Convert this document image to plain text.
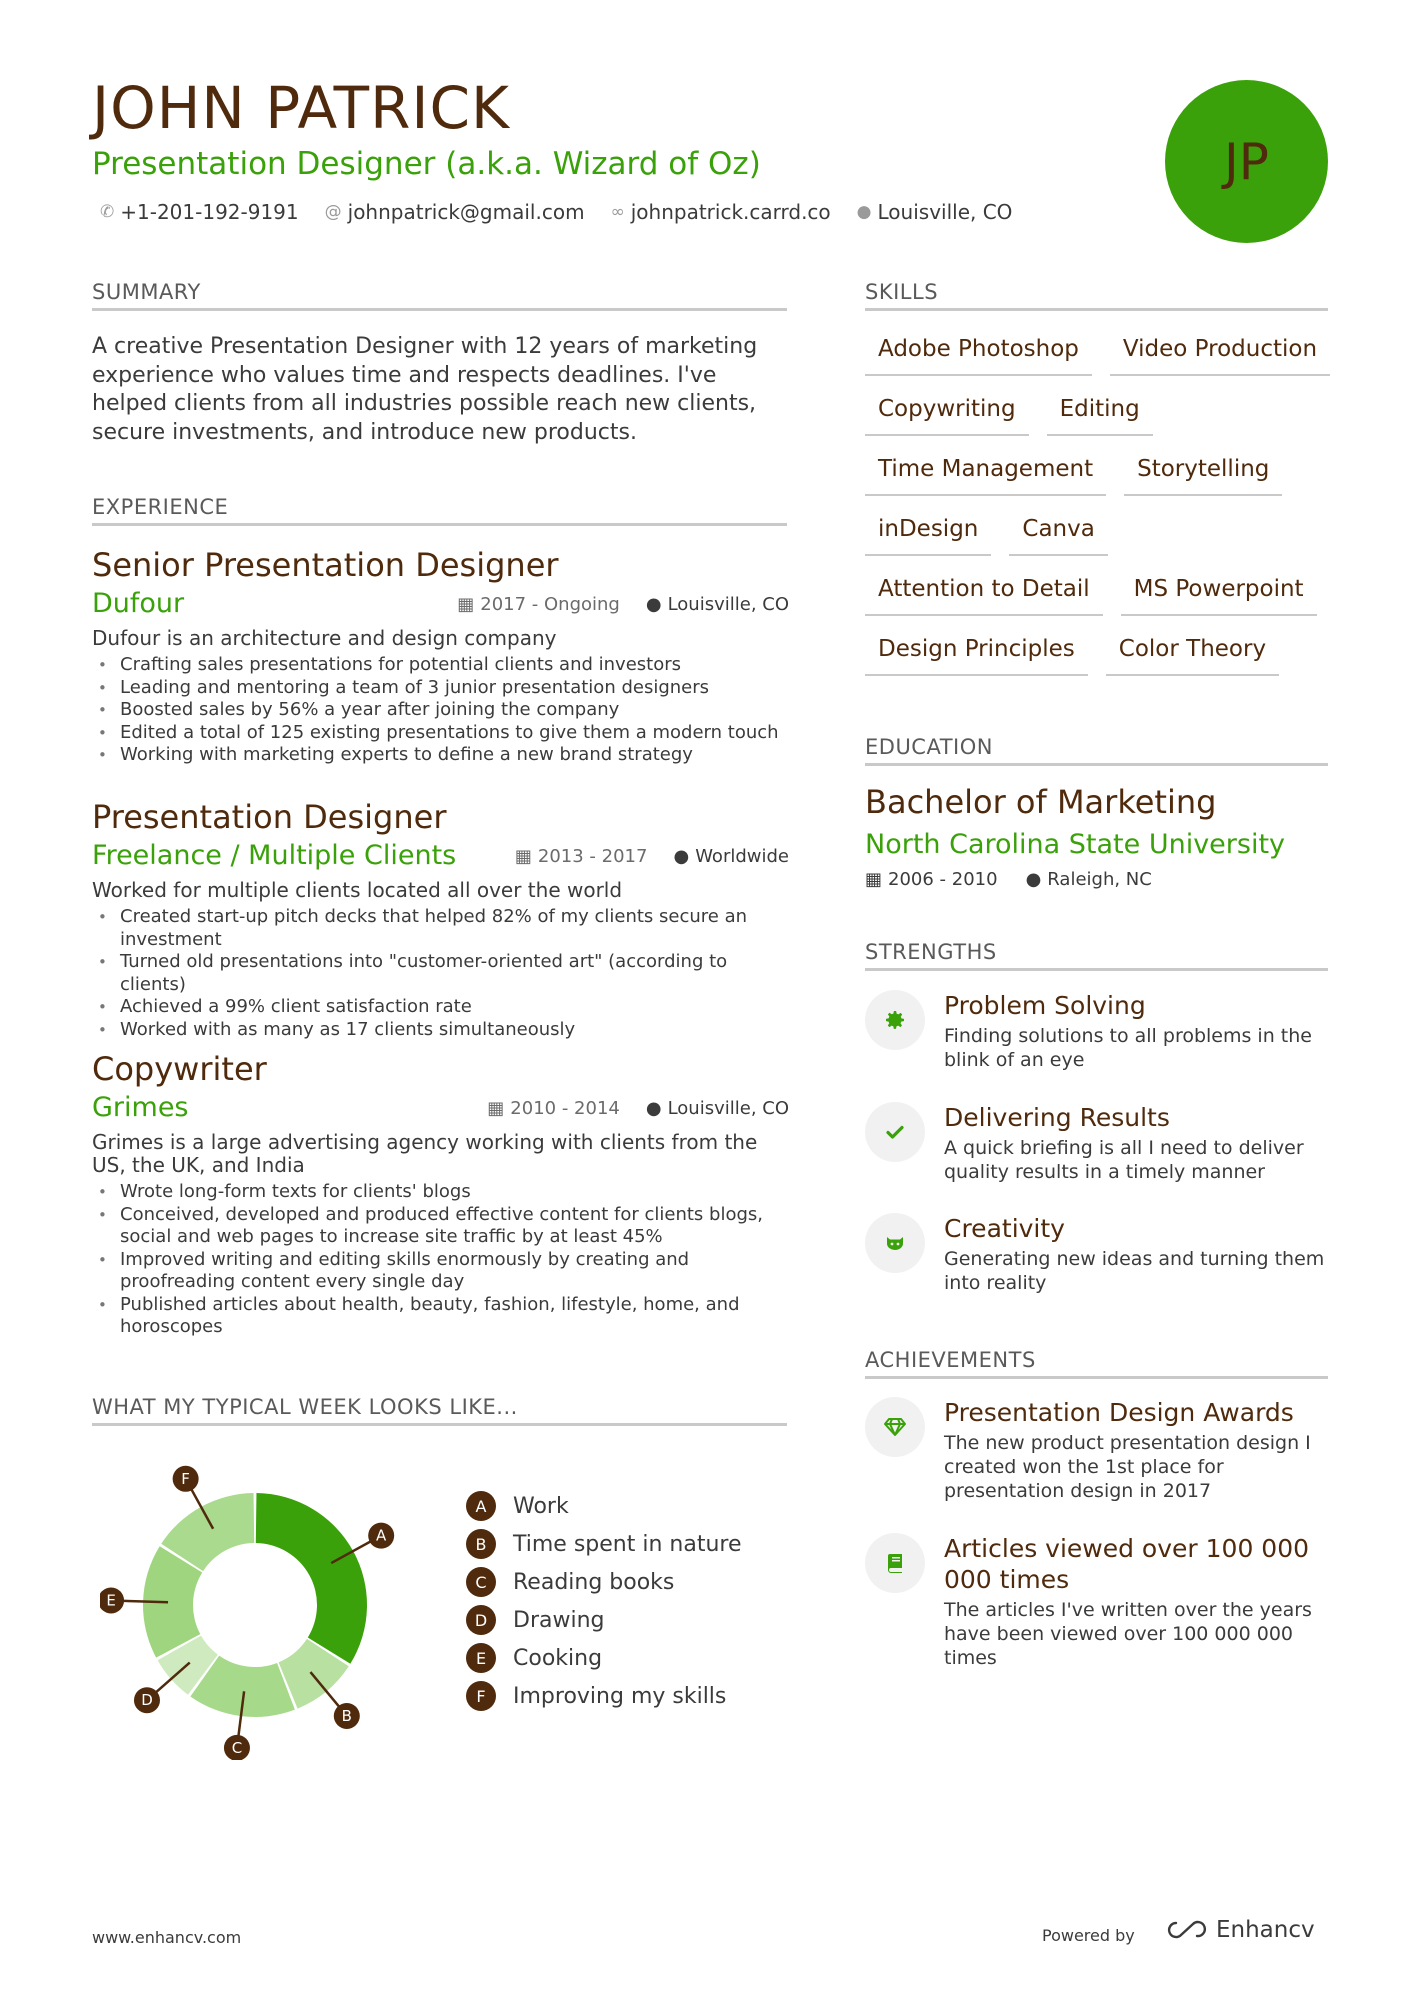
JOHN PATRICK
Presentation Designer (a.k.a. Wizard of Oz)
✆ +1-201-192-9191 @ johnpatrick@gmail.com ∞ johnpatrick.carrd.co ● Louisville, CO
JP
SUMMARY
A creative Presentation Designer with 12 years of marketing experience who values time and respects deadlines. I've helped clients from all industries possible reach new clients, secure investments, and introduce new products.
EXPERIENCE
Senior Presentation Designer
Dufour	▦ 2017 - Ongoing ● Louisville, CO
Dufour is an architecture and design company
• Crafting sales presentations for potential clients and investors
• Leading and mentoring a team of 3 junior presentation designers
• Boosted sales by 56% a year after joining the company
• Edited a total of 125 existing presentations to give them a modern touch
• Working with marketing experts to define a new brand strategy
Presentation Designer
Freelance / Multiple Clients	▦ 2013 - 2017 ● Worldwide
Worked for multiple clients located all over the world
• Created start-up pitch decks that helped 82% of my clients secure an investment
• Turned old presentations into "customer-oriented art" (according to clients)
• Achieved a 99% client satisfaction rate
• Worked with as many as 17 clients simultaneously
Copywriter
Grimes	▦ 2010 - 2014 ● Louisville, CO
Grimes is a large advertising agency working with clients from the US, the UK, and India
• Wrote long-form texts for clients' blogs
• Conceived, developed and produced effective content for clients blogs, social and web pages to increase site traffic by at least 45%
• Improved writing and editing skills enormously by creating and proofreading content every single day
• Published articles about health, beauty, fashion, lifestyle, home, and horoscopes
WHAT MY TYPICAL WEEK LOOKS LIKE...
A
B
C
D
E
F
A	Work
B	Time spent in nature
C	Reading books
D	Drawing
E	Cooking
F	Improving my skills
SKILLS
Adobe Photoshop	Video Production
Copywriting	Editing
Time Management	Storytelling
inDesign	Canva
Attention to Detail	MS Powerpoint
Design Principles	Color Theory
EDUCATION
Bachelor of Marketing
North Carolina State University
▦ 2006 - 2010 ● Raleigh, NC
STRENGTHS
Problem Solving
Finding solutions to all problems in the blink of an eye
Delivering Results
A quick briefing is all I need to deliver quality results in a timely manner
Creativity
Generating new ideas and turning them into reality
ACHIEVEMENTS
Presentation Design Awards
The new product presentation design I created won the 1st place for presentation design in 2017
Articles viewed over 100 000 000 times
The articles I've written over the years have been viewed over 100 000 000 times
www.enhancv.com	Powered by	Enhancv
